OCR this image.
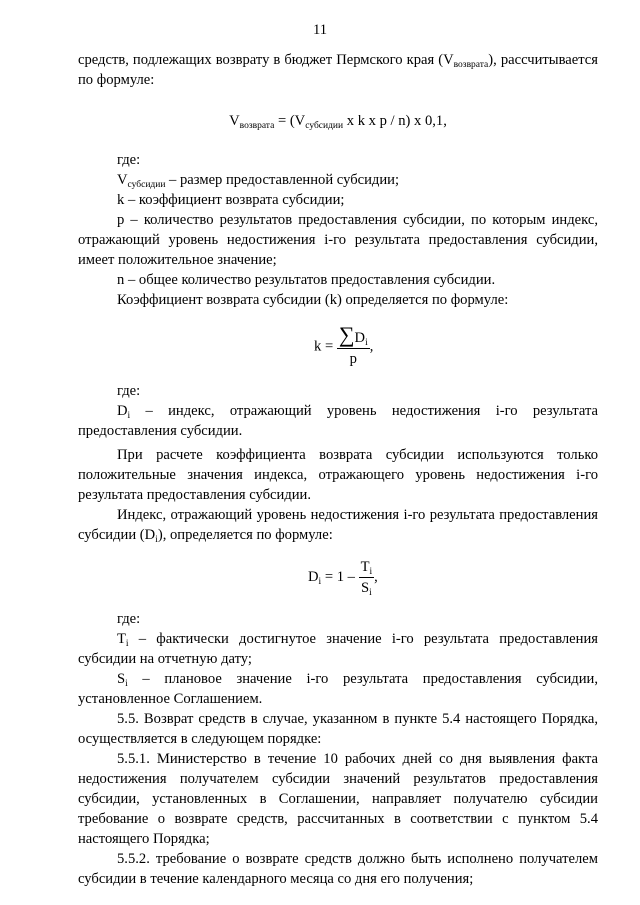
11

средств, подлежащих возврату в бюджет Пермского края $(V_{возврата})$, рассчитывается по формуле:

$V_{возврата} = (V_{субсидии}$ x k x p / n) x 0,1,

где:

$V_{субсидии}$ – размер предоставленной субсидии;

k – коэффициент возврата субсидии;

p – количество результатов предоставления субсидии, по которым индекс, отражающий уровень недостижения i-го результата предоставления субсидии, имеет положительное значение;

n – общее количество результатов предоставления субсидии.

Коэффициент возврата субсидии (k) определяется по формуле:

$k = \frac{\sum D_i}{p}$ ,

где:

$D_i$ – индекс, отражающий уровень недостижения i-го результата предоставления субсидии.

При расчете коэффициента возврата субсидии используются только положительные значения индекса, отражающего уровень недостижения i-го результата предоставления субсидии.

Индекс, отражающий уровень недостижения i-го результата предоставления субсидии $(D_i)$, определяется по формуле:

$D_i = 1 - \frac{T_i}{S_i}$ ,

где:

$T_i$ – фактически достигнутое значение i-го результата предоставления субсидии на отчетную дату;

$S_i$ – плановое значение i-го результата предоставления субсидии, установленное Соглашением.

5.5. Возврат средств в случае, указанном в пункте 5.4 настоящего Порядка, осуществляется в следующем порядке:

5.5.1. Министерство в течение 10 рабочих дней со дня выявления факта недостижения получателем субсидии значений результатов предоставления субсидии, установленных в Соглашении, направляет получателю субсидии требование о возврате средств, рассчитанных в соответствии с пунктом 5.4 настоящего Порядка;

5.5.2. требование о возврате средств должно быть исполнено получателем субсидии в течение календарного месяца со дня его получения;
